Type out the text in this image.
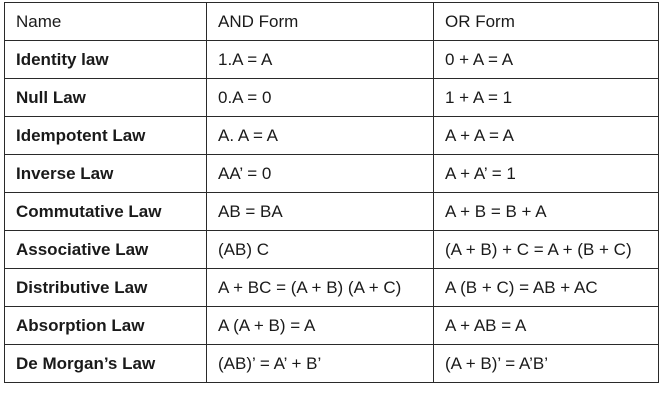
Name	AND Form	OR Form
Identity law	1.A = A	0 + A = A
Null Law	0.A = 0	1 + A = 1
Idempotent Law	A. A = A	A + A = A
Inverse Law	AA’ = 0	A + A’ = 1
Commutative Law	AB = BA	A + B = B + A
Associative Law	(AB) C	(A + B) + C = A + (B + C)
Distributive Law	A + BC = (A + B) (A + C)	A (B + C) = AB + AC
Absorption Law	A (A + B) = A	A + AB = A
De Morgan’s Law	(AB)’ = A’ + B’	(A + B)’ = A’B’
